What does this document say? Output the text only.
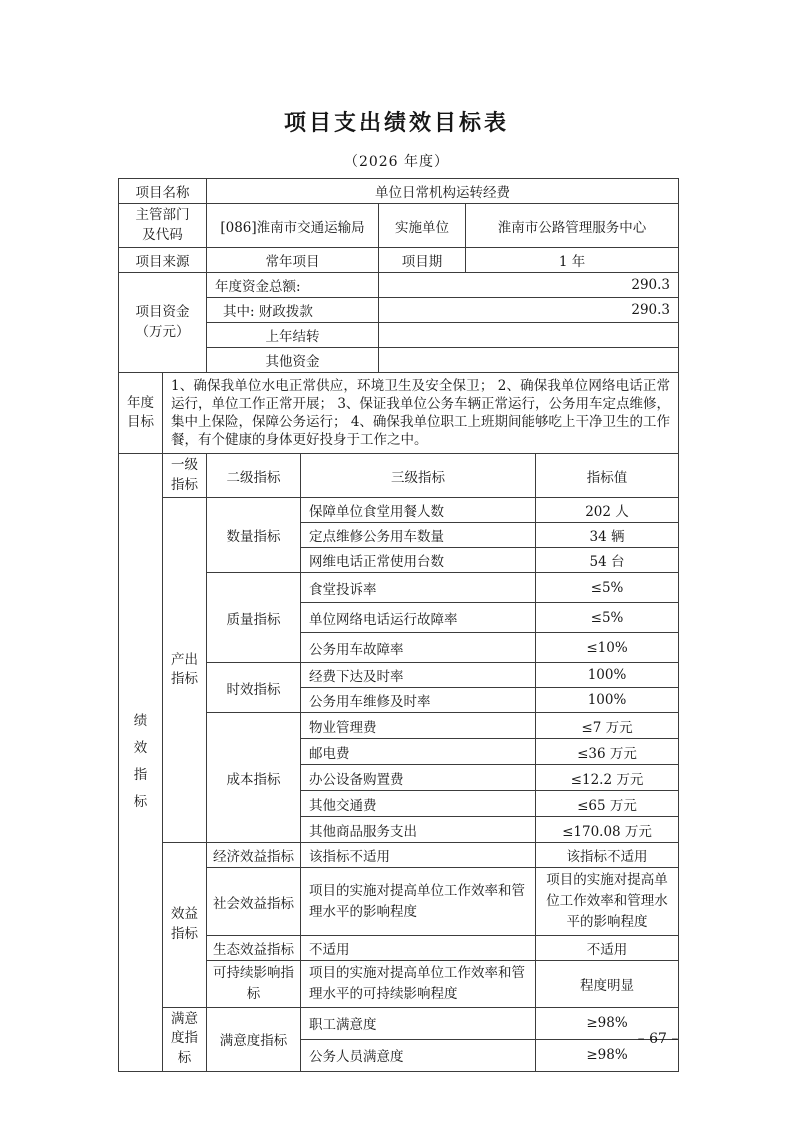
项目支出绩效目标表
（2026 年度）
项目名称		单位日常机构运转经费				
主管部门及代码		[086]淮南市交通运输局		实施单位	淮南市公路管理服务中心	
项目来源		常年项目		项目期	1 年	
项目资金（万元）		年度资金总额:		290.3		
		其中: 财政拨款		290.3		
		上年结转				
		其他资金				
年度目标	1、确保我单位水电正常供应，环境卫生及安全保卫； 2、确保我单位网络电话正常运行，单位工作正常开展； 3、保证我单位公务车辆正常运行，公务用车定点维修，集中上保险，保障公务运行； 4、确保我单位职工上班期间能够吃上干净卫生的工作餐，有个健康的身体更好投身于工作之中。					
绩效指标	一级指标	二级指标	三级指标			指标值
	产出指标	数量指标	保障单位食堂用餐人数			202 人
			定点维修公务用车数量			34 辆
			网维电话正常使用台数			54 台
		质量指标	食堂投诉率			≤5%
			单位网络电话运行故障率			≤5%
			公务用车故障率			≤10%
		时效指标	经费下达及时率			100%
			公务用车维修及时率			100%
		成本指标	物业管理费			≤7 万元
			邮电费			≤36 万元
			办公设备购置费			≤12.2 万元
			其他交通费			≤65 万元
			其他商品服务支出			≤170.08 万元
	效益指标	经济效益指标	该指标不适用			该指标不适用
		社会效益指标	项目的实施对提高单位工作效率和管理水平的影响程度			项目的实施对提高单位工作效率和管理水平的影响程度
		生态效益指标	不适用			不适用
		可持续影响指标	项目的实施对提高单位工作效率和管理水平的可持续影响程度			程度明显
	满意度指标	满意度指标	职工满意度			≥98%
			公务人员满意度			≥98%
– 67 –
